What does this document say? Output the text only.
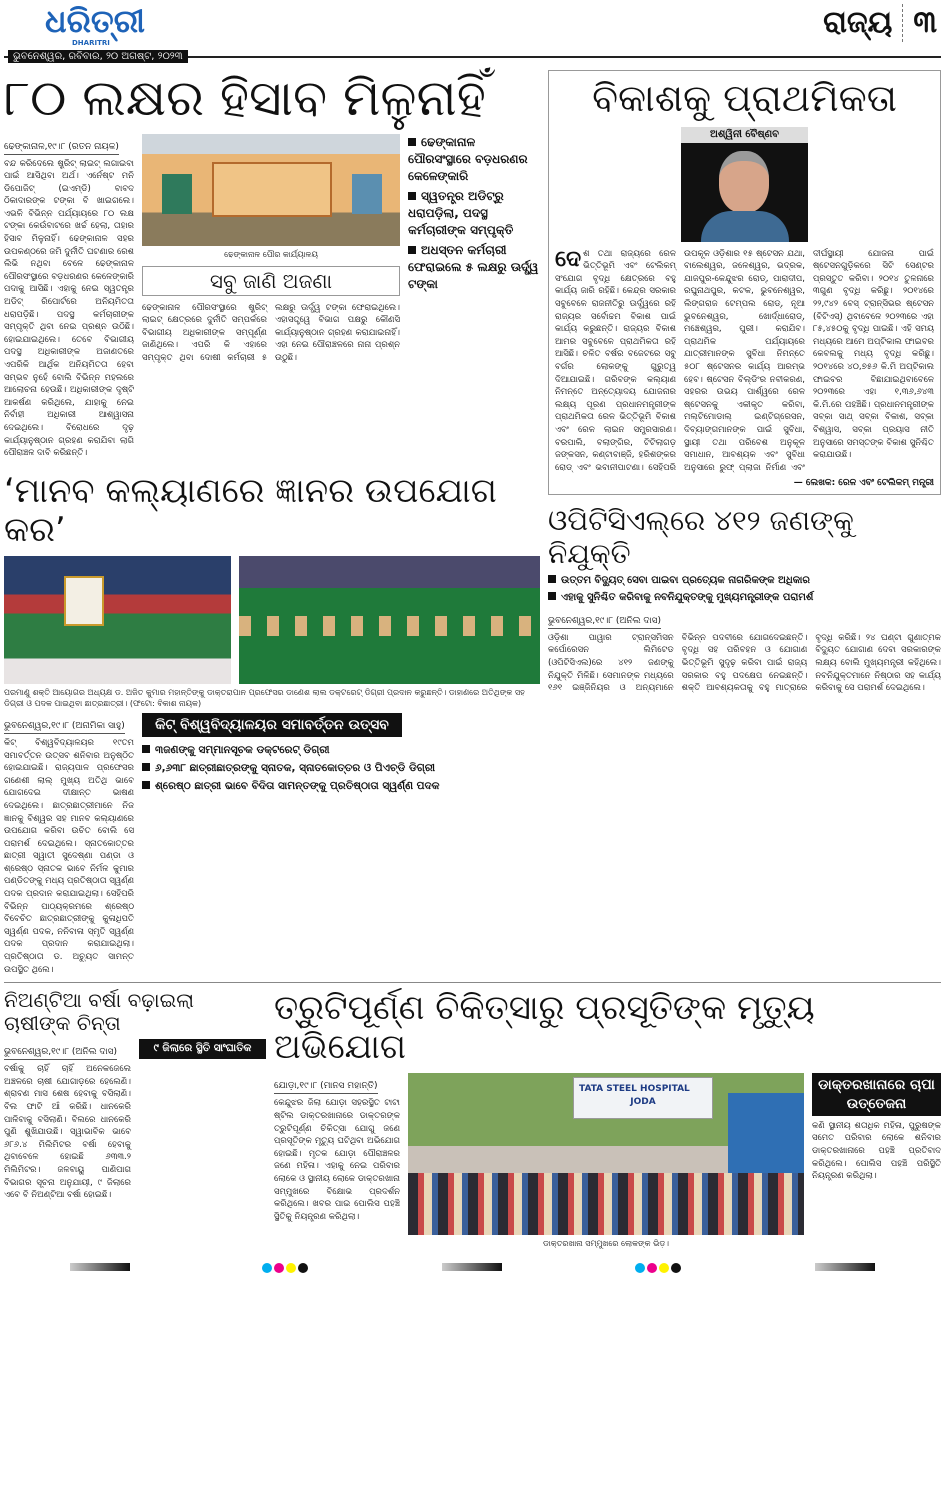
ଧରିତ୍ରୀ
DHARITRI
ରାଜ୍ୟ ୩
ଭୁବନେଶ୍ୱର, ରବିବାର, ୨୦ ଅଗଷ୍ଟ, ୨୦୨୩
୮୦ ଲକ୍ଷର ହିସାବ ମିଳୁନାହିଁ
ଢେଙ୍କାନାଳ,୧୯।୮ (ରତନ ନାୟକ)
ବନ୍ଦ କରିଦେଲେ ଷ୍ଟ୍ରିଟ୍ ଲାଇଟ୍ ଲଗାଇବା ପାଇଁ ଆସିଥିବା ଅର୍ଥ। ଏର୍ନେଷ୍ଟ ମନି ଡିପୋଜିଟ୍ (ଇଏମ୍‌ଡି) ବାବଦ ଠିକାଦାରଙ୍କ ଟଙ୍କା ବି ଖାଇଗଲେ। ଏଭଳି ବିଭିନ୍ନ ପର୍ଯ୍ୟାୟରେ ୮୦ ଲକ୍ଷ ଟଙ୍କା କେଉଁବାଟରେ ଖର୍ଚ୍ଚ ହେଲା, ତାହାର ହିସାବ ମିଳୁନାହିଁ। ଢେଙ୍କାନାଳ ସହର ଉପକଣ୍ଠରେ ଜମି ଦୁର୍ନୀତି ଘଟଣାର ରେଶ ଲିଭି ନଥିବା ବେଳେ ଢେଙ୍କାନାଳ ପୌରସଂସ୍ଥାରେ ବଡ଼ଧରଣର କେଳେଙ୍କାରି ପଦାକୁ ଆସିଛି। ଏହାକୁ ନେଇ ସ୍ୱତନ୍ତ୍ର ଅଡିଟ୍ ରିପୋର୍ଟରେ ଅନିୟମିତତା ଧରାପଡ଼ିଛି। ପଦସ୍ଥ କର୍ମଚାରୀଙ୍କ ସମ୍ପୃକ୍ତି ଥିବା ନେଇ ପ୍ରଶ୍ନ ଉଠିଛି। ହୋଇଯାଇଥିଲେ। ତେବେ ବିଭାଗୀୟ ପଦସ୍ଥ ଅଧିକାରୀଙ୍କ ଅଜାଣତରେ ଏପରିକି ଆର୍ଥିକ ଅନିୟମିତତା ହେବା ସମ୍ଭବ ନୁହେଁ ବୋଲି ବିଭିନ୍ନ ମହଲରେ ଆଲୋଚନା ହେଉଛି। ଅଧିକାରୀଙ୍କ ଦୃଷ୍ଟି ଆକର୍ଷଣ କରିଥିଲେ, ଯାହାକୁ ନେଇ ନିର୍ବାହୀ ଅଧିକାରୀ ଆଶ୍ୱାସନା ଦେଇଥିଲେ। ବିରୋଧରେ ଦୃଢ଼ କାର୍ଯ୍ୟାନୁଷ୍ଠାନ ଗ୍ରହଣ କରାଯିବା ଲାଗି ପୌରାଞ୍ଚଳ ଦାବି କରିଛନ୍ତି।
ଢେଙ୍କାନାଳ ପୌର କାର୍ଯ୍ୟାଳୟ
ସବୁ ଜାଣି ଅଜଣା
ଢେଙ୍କାନାଳ ପୌରସଂସ୍ଥାରେ ଷ୍ଟ୍ରିଟ୍ ଲାଇଟ୍ କ୍ଷେତ୍ରରେ ଦୁର୍ନୀତି ସମ୍ପର୍କରେ ବିଭାଗୀୟ ଅଧିକାରୀଙ୍କ ସମ୍ପୂର୍ଣ୍ଣ ଜାଣିଥିଲେ। ଏପରି କି ଏହାରେ ସମ୍ପୃକ୍ତ ଥିବା ଦୋଷୀ କର୍ମଚାରୀ ୫ ଲକ୍ଷରୁ ଊର୍ଦ୍ଧ୍ୱ ଟଙ୍କା ଫେରାଇଥିଲେ। ଏହାସତ୍ତ୍ୱେ ବିଭାଗ ପକ୍ଷରୁ କୌଣସି କାର୍ଯ୍ୟାନୁଷ୍ଠାନ ଗ୍ରହଣ କରାଯାଇନାହିଁ। ଏହା ନେଇ ପୌରାଞ୍ଚଳରେ ନାନା ପ୍ରଶ୍ନ ଉଠୁଛି।
ଢେଙ୍କାନାଳ ପୌରସଂସ୍ଥାରେ ବଡ଼ଧରଣର କେଳେଙ୍କାରି
ସ୍ୱତନ୍ତ୍ର ଅଡିଟ୍‌ରୁ ଧରାପଡ଼ିଲା, ପଦସ୍ଥ କର୍ମଚାରୀଙ୍କ ସମ୍ପୃକ୍ତି
ଅଧସ୍ତନ କର୍ମଚାରୀ ଫେରାଇଲେ ୫ ଲକ୍ଷରୁ ଊର୍ଦ୍ଧ୍ୱ ଟଙ୍କା
‘ମାନବ କଲ୍ୟାଣରେ ଜ୍ଞାନର ଉପଯୋଗ କର’
ପରମାଣୁ ଶକ୍ତି ଆୟୋଗର ଅଧ୍ୟକ୍ଷ ଡ. ଅଜିତ କୁମାର ମହାନ୍ତିଙ୍କୁ ଡାକ୍ତରାପାନ ପ୍ରଫେସର ଡାଣେଶ ଲାଲ ଡକ୍ଟରେଟ୍ ଡିଗ୍ରୀ ପ୍ରଦାନ କରୁଛନ୍ତି। ଡାହାଣରେ ଅତିଥିଙ୍କ ସହ ଡିଗ୍ରୀ ଓ ପଦକ ପାଇଥିବା ଛାତ୍ରଛାତ୍ରୀ। (ଫଟୋ: ବିକାଶ ନାୟକ)
ଭୁବନେଶ୍ୱର,୧୯।୮ (ଅନାମିକା ସାହୁ)
କିଟ୍ ବିଶ୍ୱବିଦ୍ୟାଳୟର ୧୯ତମ ସମାବର୍ତ୍ତନ ଉତ୍ସବ ଶନିବାର ଅନୁଷ୍ଠିତ ହୋଇଯାଇଛି। ରାଜ୍ୟପାଳ ପ୍ରଫେସର ଗଣେଶୀ ଲାଲ୍ ମୁଖ୍ୟ ଅତିଥି ଭାବେ ଯୋଗଦେଇ ଦୀକ୍ଷାନ୍ତ ଭାଷଣ ଦେଇଥିଲେ। ଛାତ୍ରଛାତ୍ରୀମାନେ ନିଜ ଜ୍ଞାନକୁ ବିଶ୍ୱର ସହ ମାନବ କଲ୍ୟାଣରେ ଉପଯୋଗ କରିବା ଉଚିତ ବୋଲି ସେ ପରାମର୍ଶ ଦେଇଥିଲେ। ସ୍ନାତକୋତ୍ତର ଛାତ୍ରୀ ସ୍ୱାତୀ ସୁଦେଷ୍ଣା ପଣ୍ଡା ଓ ଶ୍ରେଷ୍ଠ ସ୍ନାତକ ଭାବେ ନିର୍ମଳ କୁମାର ପଣ୍ଡିତଙ୍କୁ ମଧ୍ୟ ପ୍ରତିଷ୍ଠାତା ସ୍ୱର୍ଣ୍ଣ ପଦକ ପ୍ରଦାନ କରାଯାଇଥିଲା। ସେହିପରି ବିଭିନ୍ନ ପାଠ୍ୟକ୍ରମରେ ଶ୍ରେଷ୍ଠ ବିବେଚିତ ଛାତ୍ରଛାତ୍ରୀଙ୍କୁ କୁଳାଧିପତି ସ୍ୱର୍ଣ୍ଣ ପଦକ, ନନିବାଳା ସ୍ମୃତି ସ୍ୱର୍ଣ୍ଣ ପଦକ ପ୍ରଦାନ କରାଯାଇଥିଲା। ପ୍ରତିଷ୍ଠାତା ଡ. ଅଚ୍ୟୁତ ସାମନ୍ତ ଉପସ୍ଥିତ ଥିଲେ।
କିଟ୍ ବିଶ୍ୱବିଦ୍ୟାଳୟର ସମାବର୍ତ୍ତନ ଉତ୍ସବ
୩ଜଣଙ୍କୁ ସମ୍ମାନସୂଚକ ଡକ୍ଟରେଟ୍ ଡିଗ୍ରୀ
୬,୬୩୮ ଛାତ୍ରୀଛାତ୍ରଙ୍କୁ ସ୍ନାତକ, ସ୍ନାତକୋତ୍ତର ଓ ପିଏଚ୍‌ଡି ଡିଗ୍ରୀ
ଶ୍ରେଷ୍ଠ ଛାତ୍ରୀ ଭାବେ ବିଦିତା ସାମନ୍ତଙ୍କୁ ପ୍ରତିଷ୍ଠାତା ସ୍ୱର୍ଣ୍ଣ ପଦକ
ବିକାଶକୁ ପ୍ରାଥମିକତା
ଅଶ୍ୱିନୀ ବୈଷ୍ଣବ
ଦେଶ ତଥା ରାଜ୍ୟରେ ରେଳ ଭିତ୍ତିଭୂମି ଏବଂ ଟେଲିକମ୍ ସଂଯୋଗ ବୃଦ୍ଧି କ୍ଷେତ୍ରରେ ବହୁ କାର୍ଯ୍ୟ ଜାରି ରହିଛି। କେନ୍ଦ୍ର ସରକାର ସବୁବେଳେ ରାଜନୀତିରୁ ଊର୍ଦ୍ଧ୍ୱରେ ରହି ରାଜ୍ୟର ସର୍ବୋଚ୍ଚମ ବିକାଶ ପାଇଁ କାର୍ଯ୍ୟ କରୁଛନ୍ତି। ରାଜ୍ୟର ବିକାଶ ଆମର ସବୁବେଳେ ପ୍ରାଥମିକତା ରହି ଆସିଛି। ଚଳିତ ବର୍ଷର ବଜେଟରେ ସବୁ ବର୍ଗର ଲୋକଙ୍କୁ ଗୁରୁତ୍ୱ ଦିଆଯାଇଛି। ଗରିବଙ୍କ କଲ୍ୟାଣ ନିମନ୍ତେ ଅନ୍ତ୍ୟୋଦୟ ଯୋଜନାର ଲକ୍ଷ୍ୟ ପୂରଣ ପ୍ରଧାନମନ୍ତ୍ରୀଙ୍କ ପ୍ରାଥମିକତା ରେଳ ଭିତ୍ତିଭୂମି ବିକାଶ ଏବଂ ରେଳ ଲାଇନ ସମ୍ପ୍ରସାରଣ। ବରପାଲି, ବଲାଙ୍ଗିର, ଟିଟିଲାଗଡ଼ ଜଙ୍କସନ, କଣ୍ଟାବାଞ୍ଜି, ହରିଶଙ୍କର ରୋଡ୍ ଏବଂ ଭବାନୀପାଟଣା। ସେହିପରି ଉପକୂଳ ଓଡ଼ିଶାର ୧୫ ଷ୍ଟେସନ ଯଥା, ବାଲେଶ୍ୱର, ଜଳେଶ୍ୱର, ଭଦ୍ରକ, ଯାଜପୁର-କେନ୍ଦୁଝର ରୋଡ୍, ପାରାଦୀପ, ରଘୁନାଥପୁର, କଟକ, ଭୁବନେଶ୍ୱର, ଲିଙ୍ଗରାଜ ଟେମ୍ପଲ ରୋଡ୍, ନୂଆ ଭୁବନେଶ୍ୱର, ଖୋର୍ଦ୍ଧାରୋଡ୍, ମଞ୍ଚେଶ୍ୱର, ପୁରୀ। କରାଯିବ। ପ୍ରାଥମିକ ପର୍ଯ୍ୟାୟରେ ଯାତ୍ରୀମାନଙ୍କ ସୁବିଧା ନିମନ୍ତେ ୫୦୮ ଷ୍ଟେସନର କାର୍ଯ୍ୟ ଆରମ୍ଭ ହେବ। ଷ୍ଟେସନ ବିଲ୍ଡିଂର ନବୀକରଣ, ସହରର ଉଭୟ ପାର୍ଶ୍ୱରେ ରେଳ ଷ୍ଟେସନକୁ ଏକୀକୃତ କରିବା, ମଲ୍ଟିମୋଡାଲ୍ ଇଣ୍ଟିଗ୍ରେସନ, ଦିବ୍ୟାଙ୍ଗମାନଙ୍କ ପାଇଁ ସୁବିଧା, ସ୍ଥାୟୀ ତଥା ପରିବେଶ ଅନୁକୂଳ ସମାଧାନ, ଆବଶ୍ୟକ ଏବଂ ସୁବିଧା ଅନୁସାରେ ରୁଫ୍ ପ୍ଲାଜା ନିର୍ମାଣ ଏବଂ ଦୀର୍ଘସ୍ଥାୟୀ ଯୋଜନା ପାଇଁ ଷ୍ଟେସନଗୁଡ଼ିକରେ ସିଟି ସେଣ୍ଟର ପ୍ରସ୍ତୁତ କରିବା। ୨୦୧୪ ତୁଳନାରେ ୩ଗୁଣ ବୃଦ୍ଧି କରିଛୁ। ୨୦୧୪ରେ ୨୨,୯୪୨ ବେସ୍ ଟ୍ରାନ୍ସିଭର ଷ୍ଟେସନ (ବିଟିଏସ୍) ଥିବାବେଳେ ୨୦୨୩ରେ ଏହା ୮୫,୪୫୦କୁ ବୃଦ୍ଧି ପାଇଛି। ଏହି ସମୟ ମଧ୍ୟରେ ଆମେ ଅପ୍ଟିକାଲ ଫାଇବର କେବଲକୁ ମଧ୍ୟ ବୃଦ୍ଧି କରିଛୁ। ୨୦୧୪ରେ ୪୦,୭୫୬ କି.ମି ଅପ୍ଟିକାଲ ଫାଇବର ବିଛାଯାଇଥିବାବେଳେ ୨୦୨୩ରେ ଏହା ୧,୩୬,୬୪୩ କି.ମି.ରେ ପହଞ୍ଚିଛି। ପ୍ରଧାନମନ୍ତ୍ରୀଙ୍କ ସବ୍‌କା ସାଥ୍ ସବ୍‌କା ବିକାଶ, ସବ୍‌କା ବିଶ୍ୱାସ, ସବ୍‌କା ପ୍ରୟାସ ନୀତି ଅନୁସାରେ ସମସ୍ତଙ୍କ ବିକାଶ ସୁନିଶ୍ଚିତ କରାଯାଉଛି।
— ଲେଖକ: ରେଳ ଏବଂ ଟେଲିକମ୍ ମନ୍ତ୍ରୀ
ଓପିଟିସିଏଲ୍‌ରେ ୪୧୨ ଜଣଙ୍କୁ ନିଯୁକ୍ତି
ଉତ୍ତମ ବିଦ୍ୟୁତ୍ ସେବା ପାଇବା ପ୍ରତ୍ୟେକ ନାଗରିକଙ୍କ ଅଧିକାର
ଏହାକୁ ସୁନିଶ୍ଚିତ କରିବାକୁ ନବନିଯୁକ୍ତଙ୍କୁ ମୁଖ୍ୟମନ୍ତ୍ରୀଙ୍କ ପରାମର୍ଶ
ଭୁବନେଶ୍ୱର,୧୯।୮ (ଅନିଲ ଦାସ)
ଓଡ଼ିଶା ପାୱାର ଟ୍ରାନ୍ସମିସନ କର୍ପୋରେସନ ଲିମିଟେଡ (ଓପିଟିସିଏଲ)ରେ ୪୧୨ ଜଣଙ୍କୁ ନିଯୁକ୍ତି ମିଳିଛି। ସେମାନଙ୍କ ମଧ୍ୟରେ ୧୬୧ ଇଞ୍ଜିନିୟର ଓ ଅନ୍ୟମାନେ ବିଭିନ୍ନ ପଦବୀରେ ଯୋଗଦେଇଛନ୍ତି। ବୃଦ୍ଧି ସହ ପରିବହନ ଓ ଯୋଗାଣ ଭିତ୍ତିଭୂମି ସୁଦୃଢ଼ କରିବା ପାଇଁ ରାଜ୍ୟ ସରକାର ବହୁ ପଦକ୍ଷେପ ନେଇଛନ୍ତି। ଶକ୍ତି ଆବଶ୍ୟକତାକୁ ବହୁ ମାତ୍ରାରେ ବୃଦ୍ଧି କରିଛି। ୨୪ ଘଣ୍ଟା ଗୁଣାତ୍ମକ ବିଦ୍ୟୁତ ଯୋଗାଣ ଦେବା ସରକାରଙ୍କ ଲକ୍ଷ୍ୟ ବୋଲି ମୁଖ୍ୟମନ୍ତ୍ରୀ କହିଥିଲେ। ନବନିଯୁକ୍ତମାନେ ନିଷ୍ଠାର ସହ କାର୍ଯ୍ୟ କରିବାକୁ ସେ ପରାମର୍ଶ ଦେଇଥିଲେ।
ନିଅଣ୍ଟିଆ ବର୍ଷା ବଢ଼ାଇଲା ଚାଷୀଙ୍କ ଚିନ୍ତା
ଭୁବନେଶ୍ୱର,୧୯।୮ (ଅନିଲ ଦାସ)
ବର୍ଷାକୁ ଚାହିଁ ଚାହିଁ ଅନେକଜେଲେ ଅଞ୍ଚଳରେ ଚାଷୀ ଯୋଗାଡ଼ରେ ହେଲେଣି। ଶ୍ରାବଣ ମାସ ଶେଷ ହେବାକୁ ବସିଲାଣି। ବିଲ ଫାଟି ଆଁ କରିଛି। ଧାନକେରି ପାଳିବାକୁ ବସିଲାଣି। ବିଲରେ ଧାନକେରି ପୁଣି ଶୁଖିଯାଉଛି। ସ୍ୱାଭାବିକ ଭାବେ ୬୮୬.୪ ମିଲିମିଟର ବର୍ଷା ହେବାକୁ ଥିବାବେଳେ ହୋଇଛି ୬୩୩.୨ ମିଲିମିଟର। ଜଳବାୟୁ ପାଣିପାଗ ବିଭାଗର ସୂଚନା ଅନୁଯାୟୀ, ୯ ଜିଲାରେ ଏବେ ବି ନିଅଣ୍ଟିଆ ବର୍ଷା ହୋଇଛି।
୯ ଜିଲାରେ ସ୍ଥିତି ସାଂଘାତିକ
ତ୍ରୁଟିପୂର୍ଣ୍ଣ ଚିକିତ୍ସାରୁ ପ୍ରସୂତିଙ୍କ ମୃତ୍ୟୁ ଅଭିଯୋଗ
ଯୋଡ଼ା,୧୯।୮ (ମାନସ ମହାନ୍ତି)
କେନ୍ଦୁଝର ଜିଲା ଯୋଡ଼ା ସହରସ୍ଥିତ ଟାଟା ଷ୍ଟିଲ ଡାକ୍ତରଖାନାରେ ଡାକ୍ତରଙ୍କ ତ୍ରୁଟିପୂର୍ଣ୍ଣ ଚିକିତ୍ସା ଯୋଗୁ ଜଣେ ପ୍ରସୂତିଙ୍କ ମୃତ୍ୟୁ ଘଟିଥିବା ଅଭିଯୋଗ ହୋଇଛି। ମୃତକ ଯୋଡ଼ା ପୌରାଞ୍ଚଳର ଜଣେ ମହିଳା। ଏହାକୁ ନେଇ ପରିବାର ଲୋକେ ଓ ସ୍ଥାନୀୟ ଲୋକେ ଡାକ୍ତରଖାନା ସମ୍ମୁଖରେ ବିକ୍ଷୋଭ ପ୍ରଦର୍ଶନ କରିଥିଲେ। ଖବର ପାଇ ପୋଲିସ ପହଞ୍ଚି ସ୍ଥିତିକୁ ନିୟନ୍ତ୍ରଣ କରିଥିଲା।
TATA STEEL HOSPITAL
JODA
ଡାକ୍ତରଖାନା ସମ୍ମୁଖରେ ଲୋକଙ୍କ ଭିଡ଼।
ଡାକ୍ତରଖାନାରେ ଚାପା ଉତ୍ତେଜନା
କଣି ସ୍ଥାନୀୟ ଶତାଧିକ ମହିଳା, ପୁରୁଷଙ୍କ ସମେତ ପରିବାର ଲୋକେ ଶନିବାର ଡାକ୍ତରଖାନାରେ ପହଞ୍ଚି ପ୍ରତିବାଦ କରିଥିଲେ। ପୋଲିସ ପହଞ୍ଚି ପରିସ୍ଥିତି ନିୟନ୍ତ୍ରଣ କରିଥିଲା।
